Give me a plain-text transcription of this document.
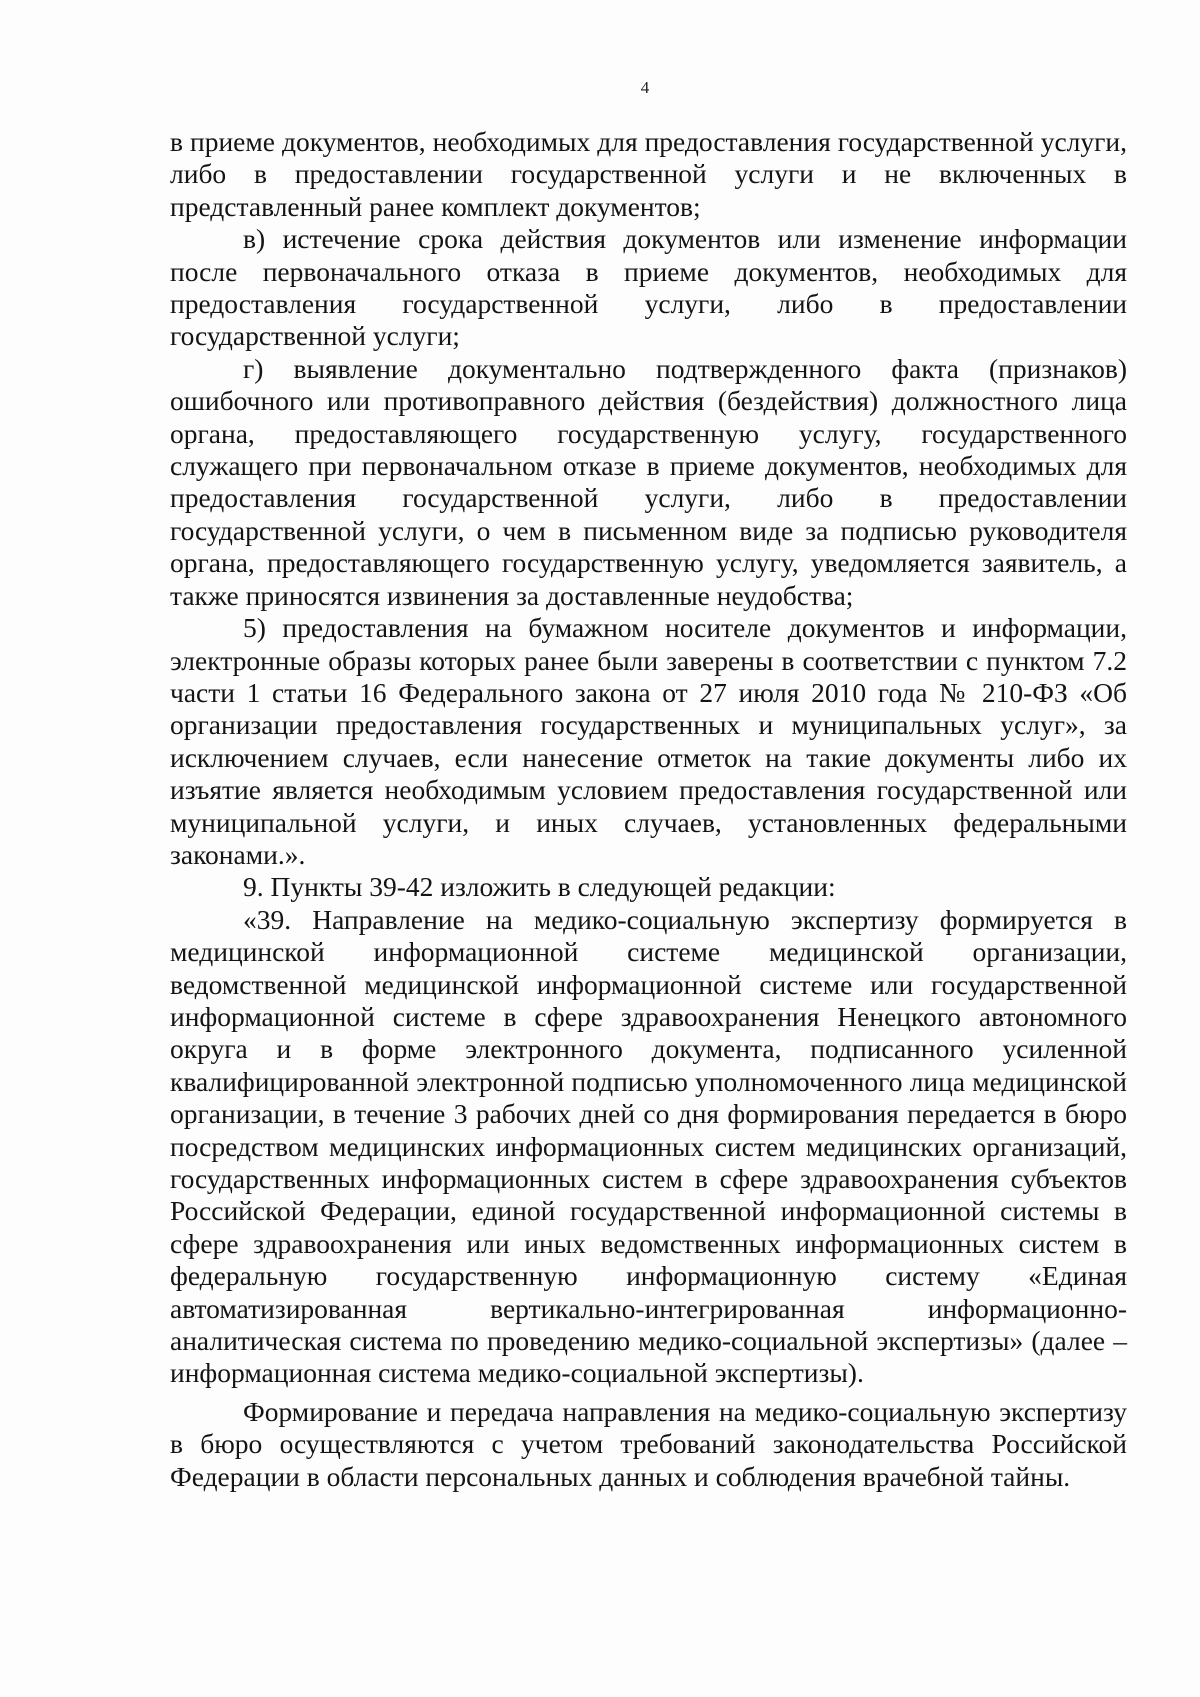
4

в приеме документов, необходимых для предоставления государственной услуги, либо в предоставлении государственной услуги и не включенных в представленный ранее комплект документов;

в) истечение срока действия документов или изменение информации после первоначального отказа в приеме документов, необходимых для предоставления государственной услуги, либо в предоставлении государственной услуги;

г) выявление документально подтвержденного факта (признаков) ошибочного или противоправного действия (бездействия) должностного лица органа, предоставляющего государственную услугу, государственного служащего при первоначальном отказе в приеме документов, необходимых для предоставления государственной услуги, либо в предоставлении государственной услуги, о чем в письменном виде за подписью руководителя органа, предоставляющего государственную услугу, уведомляется заявитель, а также приносятся извинения за доставленные неудобства;

5) предоставления на бумажном носителе документов и информации, электронные образы которых ранее были заверены в соответствии с пунктом 7.2 части 1 статьи 16 Федерального закона от 27 июля 2010 года № 210-ФЗ «Об организации предоставления государственных и муниципальных услуг», за исключением случаев, если нанесение отметок на такие документы либо их изъятие является необходимым условием предоставления государственной или муниципальной услуги, и иных случаев, установленных федеральными законами.».

9. Пункты 39-42 изложить в следующей редакции:

«39. Направление на медико-социальную экспертизу формируется в медицинской информационной системе медицинской организации, ведомственной медицинской информационной системе или государственной информационной системе в сфере здравоохранения Ненецкого автономного округа и в форме электронного документа, подписанного усиленной квалифицированной электронной подписью уполномоченного лица медицинской организации, в течение 3 рабочих дней со дня формирования передается в бюро посредством медицинских информационных систем медицинских организаций, государственных информационных систем в сфере здравоохранения субъектов Российской Федерации, единой государственной информационной системы в сфере здравоохранения или иных ведомственных информационных систем в федеральную государственную информационную систему «Единая автоматизированная вертикально-интегрированная информационно-аналитическая система по проведению медико-социальной экспертизы» (далее – информационная система медико-социальной экспертизы).

Формирование и передача направления на медико-социальную экспертизу в бюро осуществляются с учетом требований законодательства Российской Федерации в области персональных данных и соблюдения врачебной тайны.
